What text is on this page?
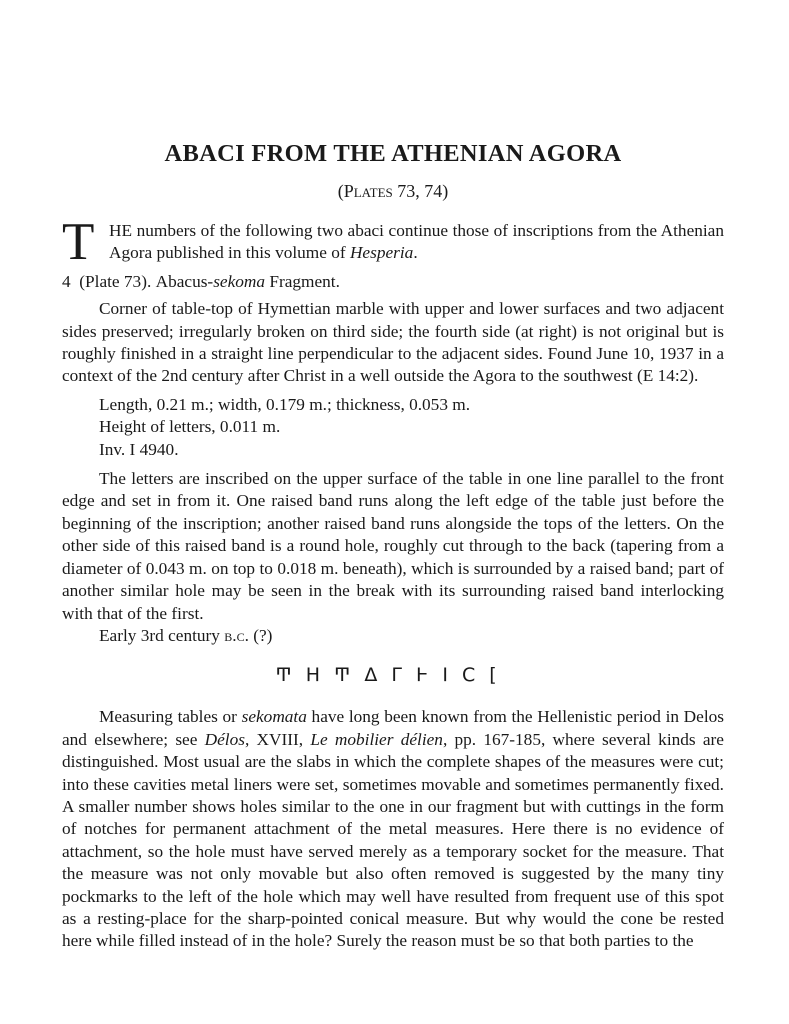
ABACI FROM THE ATHENIAN AGORA
(Plates 73, 74)

T HE numbers of the following two abaci continue those of inscriptions from the Athenian Agora published in this volume of Hesperia.

4 (Plate 73). Abacus-sekoma Fragment.

Corner of table-top of Hymettian marble with upper and lower surfaces and two adjacent sides preserved; irregularly broken on third side; the fourth side (at right) is not original but is roughly finished in a straight line perpendicular to the adjacent sides. Found June 10, 1937 in a context of the 2nd century after Christ in a well outside the Agora to the southwest (E 14:2).

Length, 0.21 m.; width, 0.179 m.; thickness, 0.053 m.
Height of letters, 0.011 m.
Inv. I 4940.

The letters are inscribed on the upper surface of the table in one line parallel to the front edge and set in from it. One raised band runs along the left edge of the table just before the beginning of the inscription; another raised band runs alongside the tops of the letters. On the other side of this raised band is a round hole, roughly cut through to the back (tapering from a diameter of 0.043 m. on top to 0.018 m. beneath), which is surrounded by a raised band; part of another similar hole may be seen in the break with its surrounding raised band interlocking with that of the first.

Early 3rd century b.c. (?)
ͲΗͲΔΓͰΙϹ[

Measuring tables or sekomata have long been known from the Hellenistic period in Delos and elsewhere; see Délos, XVIII, Le mobilier délien, pp. 167-185, where several kinds are distinguished. Most usual are the slabs in which the complete shapes of the measures were cut; into these cavities metal liners were set, sometimes movable and sometimes permanently fixed. A smaller number shows holes similar to the one in our fragment but with cuttings in the form of notches for permanent attachment of the metal measures. Here there is no evidence of attachment, so the hole must have served merely as a temporary socket for the measure. That the measure was not only movable but also often removed is suggested by the many tiny pockmarks to the left of the hole which may well have resulted from frequent use of this spot as a resting-place for the sharp-pointed conical measure. But why would the cone be rested here while filled instead of in the hole? Surely the reason must be so that both parties to the
